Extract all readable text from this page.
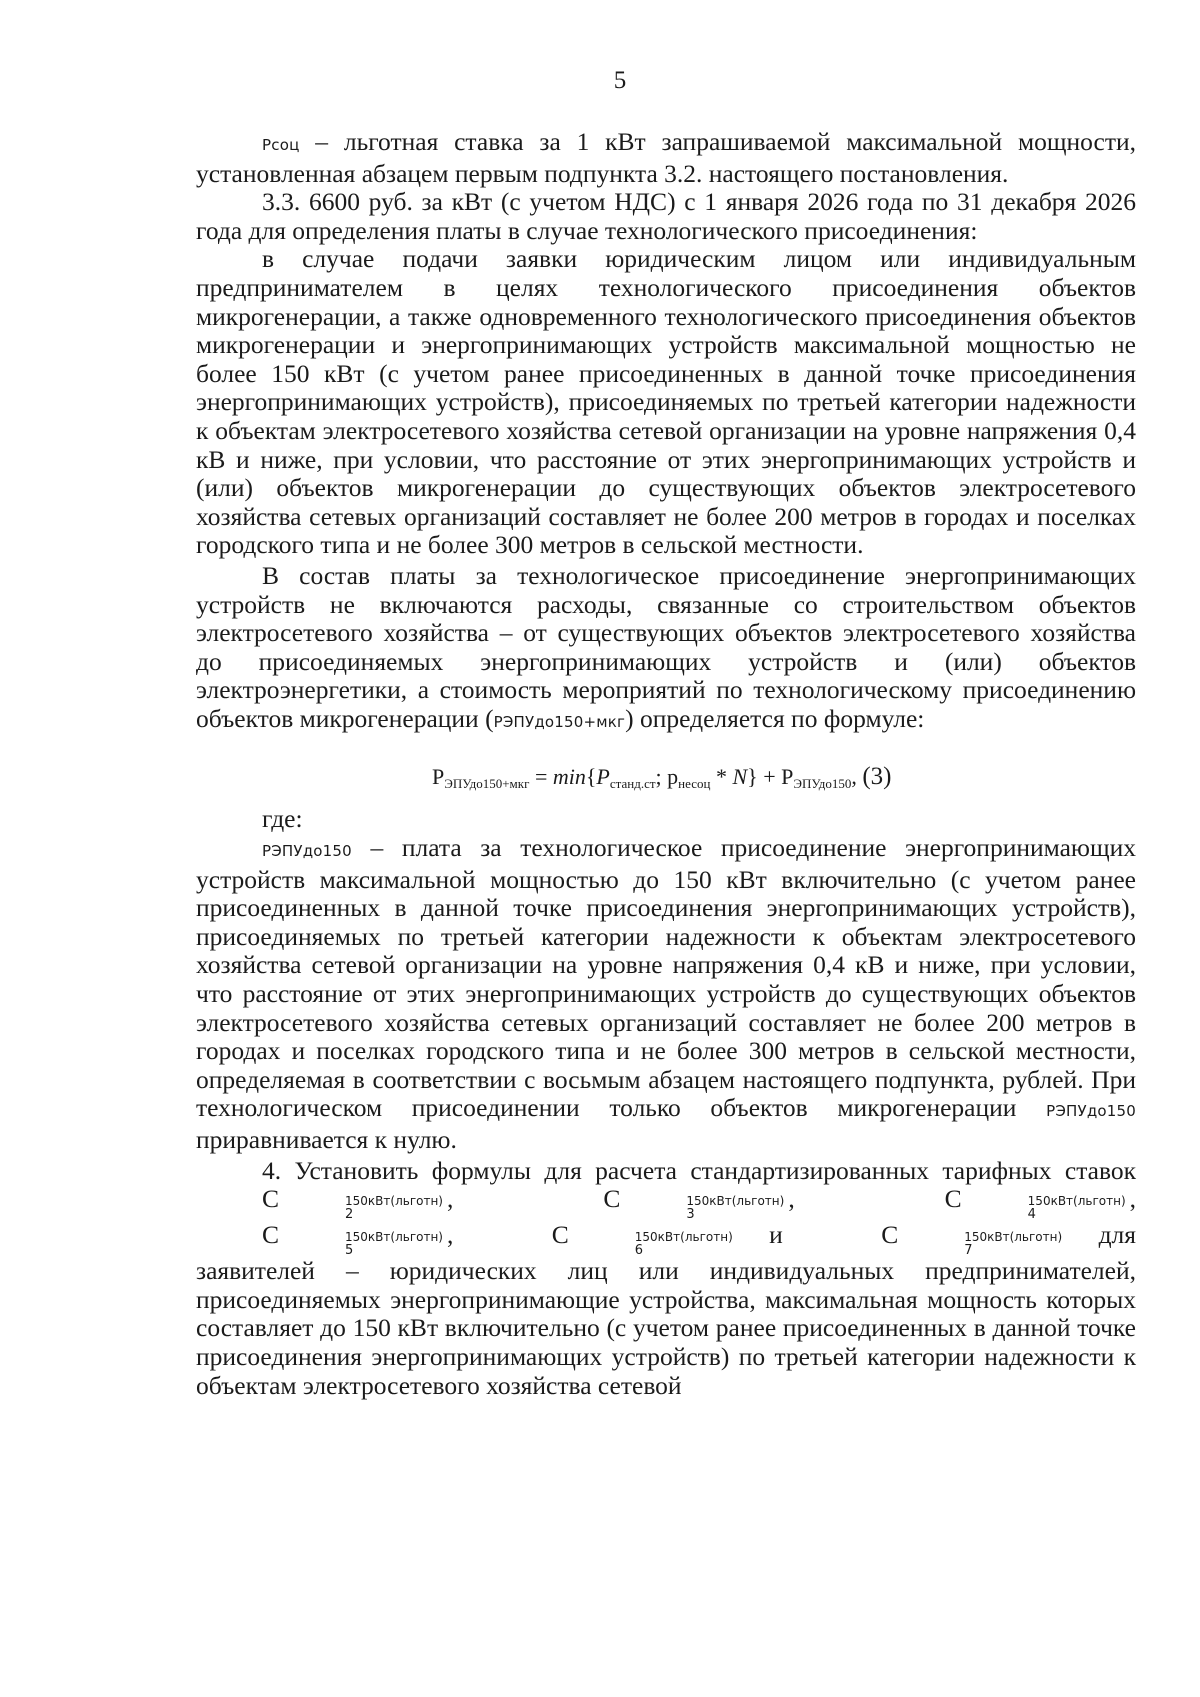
5

Рсоц – льготная ставка за 1 кВт запрашиваемой максимальной мощности, установленная абзацем первым подпункта 3.2. настоящего постановления.

3.3. 6600 руб. за кВт (с учетом НДС) с 1 января 2026 года по 31 декабря 2026 года для определения платы в случае технологического присоединения:

в случае подачи заявки юридическим лицом или индивидуальным предпринимателем в целях технологического присоединения объектов микрогенерации, а также одновременного технологического присоединения объектов микрогенерации и энергопринимающих устройств максимальной мощностью не более 150 кВт (с учетом ранее присоединенных в данной точке присоединения энергопринимающих устройств), присоединяемых по третьей категории надежности к объектам электросетевого хозяйства сетевой организации на уровне напряжения 0,4 кВ и ниже, при условии, что расстояние от этих энергопринимающих устройств и (или) объектов микрогенерации до существующих объектов электросетевого хозяйства сетевых организаций составляет не более 200 метров в городах и поселках городского типа и не более 300 метров в сельской местности.

В состав платы за технологическое присоединение энергопринимающих устройств не включаются расходы, связанные со строительством объектов электросетевого хозяйства – от существующих объектов электросетевого хозяйства до присоединяемых энергопринимающих устройств и (или) объектов электроэнергетики, а стоимость мероприятий по технологическому присоединению объектов микрогенерации (РЭПУдо150+мкг) определяется по формуле:

$Р_{ЭПУдо150+мкг} = \min\{P_{станд.ст}$; $р_{несоц} * N\} + Р_{ЭПУдо150}$, (3)

где:

РЭПУдо150 – плата за технологическое присоединение энергопринимающих устройств максимальной мощностью до 150 кВт включительно (с учетом ранее присоединенных в данной точке присоединения энергопринимающих устройств), присоединяемых по третьей категории надежности к объектам электросетевого хозяйства сетевой организации на уровне напряжения 0,4 кВ и ниже, при условии, что расстояние от этих энергопринимающих устройств до существующих объектов электросетевого хозяйства сетевых организаций составляет не более 200 метров в городах и поселках городского типа и не более 300 метров в сельской местности, определяемая в соответствии с восьмым абзацем настоящего подпункта, рублей. При технологическом присоединении только объектов микрогенерации РЭПУдо150 приравнивается к нулю.

4. Установить формулы для расчета стандартизированных тарифных ставок C	150кВт(льготн)
2
,	C	150кВт(льготн)
3
,	C	150кВт(льготн)
4
, C	150кВт(льготн)
5
,	C	150кВт(льготн)
6
и	C	150кВт(льготн)
7
для заявителей – юридических лиц или индивидуальных предпринимателей, присоединяемых энергопринимающие устройства, максимальная мощность которых составляет до 150 кВт включительно (с учетом ранее присоединенных в данной точке присоединения энергопринимающих устройств) по третьей категории надежности к объектам электросетевого хозяйства сетевой
